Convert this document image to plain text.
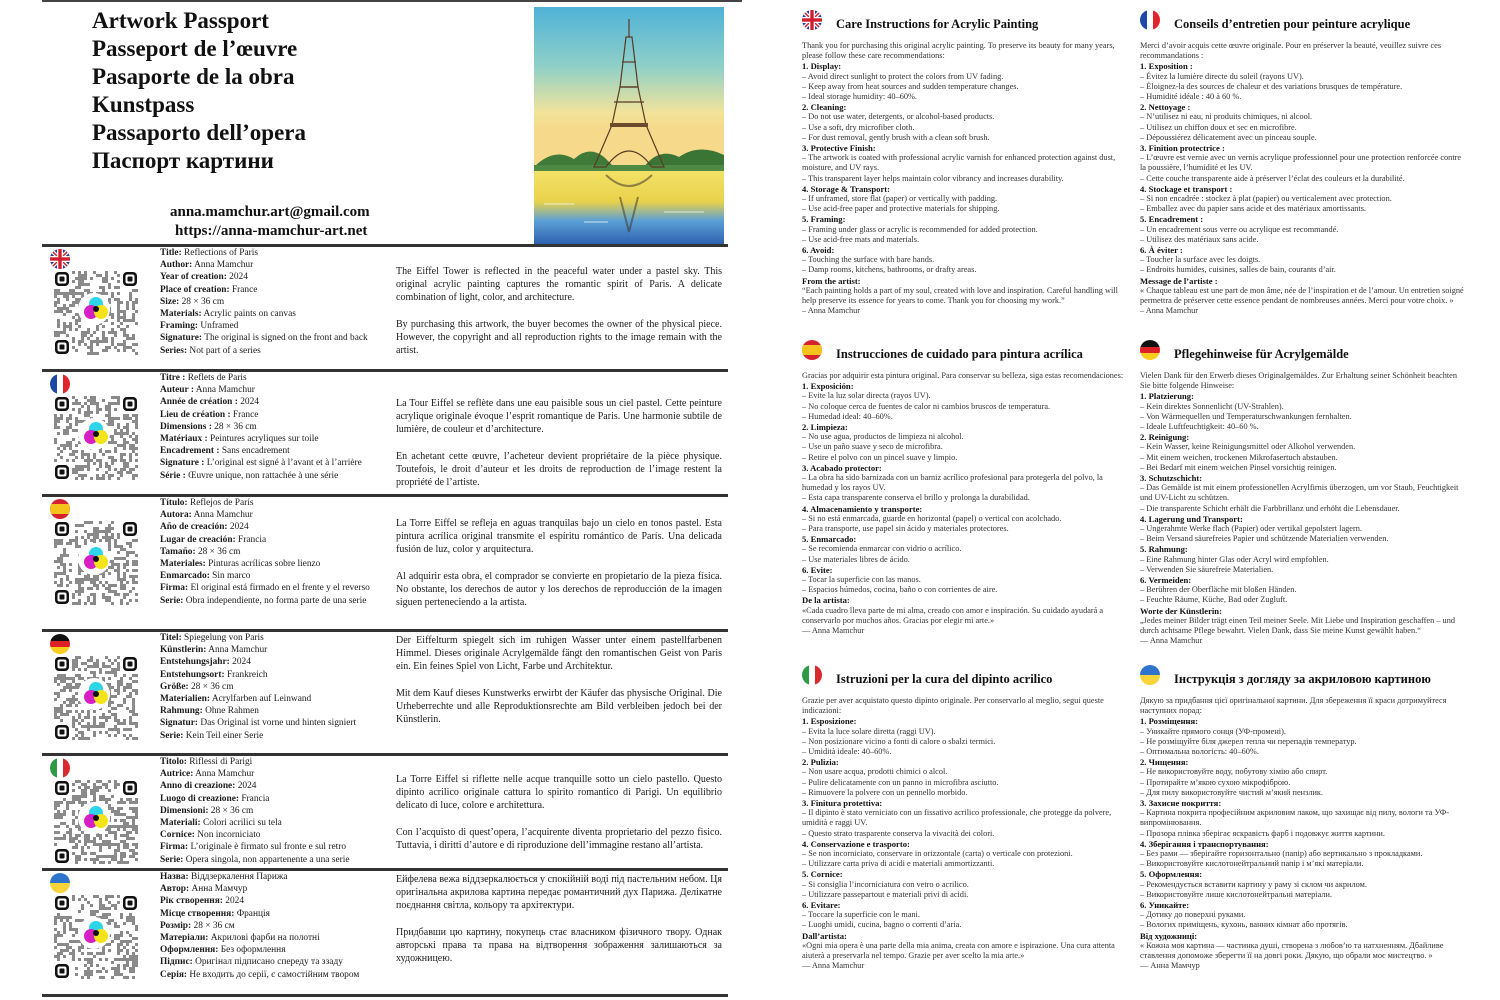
Artwork Passport
Passeport de l’œuvre
Pasaporte de la obra
Kunstpass
Passaporto dell’opera
Паспорт картини
anna.mamchur.art@gmail.com
https://anna-mamchur-art.net
Title: Reflections of Paris
Author: Anna Mamchur
Year of creation: 2024
Place of creation: France
Size: 28 × 36 cm
Materials: Acrylic paints on canvas
Framing: Unframed
Signature: The original is signed on the front and back
Series: Not part of a series

The Eiffel Tower is reflected in the peaceful water under a pastel sky. This original acrylic painting captures the romantic spirit of Paris. A delicate combination of light, color, and architecture.

By purchasing this artwork, the buyer becomes the owner of the physical piece. However, the copyright and all reproduction rights to the image remain with the artist.

Titre : Reflets de Paris
Auteur : Anna Mamchur
Année de création : 2024
Lieu de création : France
Dimensions : 28 × 36 cm
Matériaux : Peintures acryliques sur toile
Encadrement : Sans encadrement
Signature : L’original est signé à l’avant et à l’arrière
Série : Œuvre unique, non rattachée à une série

La Tour Eiffel se reflète dans une eau paisible sous un ciel pastel. Cette peinture acrylique originale évoque l’esprit romantique de Paris. Une harmonie subtile de lumière, de couleur et d’architecture.

En achetant cette œuvre, l’acheteur devient propriétaire de la pièce physique. Toutefois, le droit d’auteur et les droits de reproduction de l’image restent la propriété de l’artiste.

Título: Reflejos de París
Autora: Anna Mamchur
Año de creación: 2024
Lugar de creación: Francia
Tamaño: 28 × 36 cm
Materiales: Pinturas acrílicas sobre lienzo
Enmarcado: Sin marco
Firma: El original está firmado en el frente y el reverso
Serie: Obra independiente, no forma parte de una serie

La Torre Eiffel se refleja en aguas tranquilas bajo un cielo en tonos pastel. Esta pintura acrílica original transmite el espíritu romántico de París. Una delicada fusión de luz, color y arquitectura.

Al adquirir esta obra, el comprador se convierte en propietario de la pieza física. No obstante, los derechos de autor y los derechos de reproducción de la imagen siguen perteneciendo a la artista.

Titel: Spiegelung von Paris
Künstlerin: Anna Mamchur
Entstehungsjahr: 2024
Entstehungsort: Frankreich
Größe: 28 × 36 cm
Materialien: Acrylfarben auf Leinwand
Rahmung: Ohne Rahmen
Signatur: Das Original ist vorne und hinten signiert
Serie: Kein Teil einer Serie

Der Eiffelturm spiegelt sich im ruhigen Wasser unter einem pastellfarbenen Himmel. Dieses originale Acrylgemälde fängt den romantischen Geist von Paris ein. Ein feines Spiel von Licht, Farbe und Architektur.

Mit dem Kauf dieses Kunstwerks erwirbt der Käufer das physische Original. Die Urheberrechte und alle Reproduktionsrechte am Bild verbleiben jedoch bei der Künstlerin.

Titolo: Riflessi di Parigi
Autrice: Anna Mamchur
Anno di creazione: 2024
Luogo di creazione: Francia
Dimensioni: 28 × 36 cm
Materiali: Colori acrilici su tela
Cornice: Non incorniciato
Firma: L’originale è firmato sul fronte e sul retro
Serie: Opera singola, non appartenente a una serie

La Torre Eiffel si riflette nelle acque tranquille sotto un cielo pastello. Questo dipinto acrilico originale cattura lo spirito romantico di Parigi. Un equilibrio delicato di luce, colore e architettura.

Con l’acquisto di quest’opera, l’acquirente diventa proprietario del pezzo fisico. Tuttavia, i diritti d’autore e di riproduzione dell’immagine restano all’artista.

Назва: Віддзеркалення Парижа
Автор: Анна Мамчур
Рік створення: 2024
Місце створення: Франція
Розмір: 28 × 36 см
Матеріали: Акрилові фарби на полотні
Оформлення: Без оформлення
Підпис: Оригінал підписано спереду та ззаду
Серія: Не входить до серії, є самостійним твором

Ейфелева вежа віддзеркалюється у спокійній воді під пастельним небом. Ця оригінальна акрилова картина передає романтичний дух Парижа. Делікатне поєднання світла, кольору та архітектури.

Придбавши цю картину, покупець стає власником фізичного твору. Однак авторські права та права на відтворення зображення залишаються за художницею.

Care Instructions for Acrylic Painting
Thank you for purchasing this original acrylic painting. To preserve its beauty for many years, please follow these care recommendations:
1. Display:
– Avoid direct sunlight to protect the colors from UV fading.
– Keep away from heat sources and sudden temperature changes.
– Ideal storage humidity: 40–60%.
2. Cleaning:
– Do not use water, detergents, or alcohol-based products.
– Use a soft, dry microfiber cloth.
– For dust removal, gently brush with a clean soft brush.
3. Protective Finish:
– The artwork is coated with professional acrylic varnish for enhanced protection against dust, moisture, and UV rays.
– This transparent layer helps maintain color vibrancy and increases durability.
4. Storage & Transport:
– If unframed, store flat (paper) or vertically with padding.
– Use acid-free paper and protective materials for shipping.
5. Framing:
– Framing under glass or acrylic is recommended for added protection.
– Use acid-free mats and materials.
6. Avoid:
– Touching the surface with bare hands.
– Damp rooms, kitchens, bathrooms, or drafty areas.
From the artist:
“Each painting holds a part of my soul, created with love and inspiration. Careful handling will help preserve its essence for years to come. Thank you for choosing my work.”
– Anna Mamchur
Conseils d’entretien pour peinture acrylique
Merci d’avoir acquis cette œuvre originale. Pour en préserver la beauté, veuillez suivre ces recommandations :
1. Exposition :
– Évitez la lumière directe du soleil (rayons UV).
– Éloignez-la des sources de chaleur et des variations brusques de température.
– Humidité idéale : 40 à 60 %.
2. Nettoyage :
– N’utilisez ni eau, ni produits chimiques, ni alcool.
– Utilisez un chiffon doux et sec en microfibre.
– Dépoussiérez délicatement avec un pinceau souple.
3. Finition protectrice :
– L’œuvre est vernie avec un vernis acrylique professionnel pour une protection renforcée contre la poussière, l’humidité et les UV.
– Cette couche transparente aide à préserver l’éclat des couleurs et la durabilité.
4. Stockage et transport :
– Si non encadrée : stockez à plat (papier) ou verticalement avec protection.
– Emballez avec du papier sans acide et des matériaux amortissants.
5. Encadrement :
– Un encadrement sous verre ou acrylique est recommandé.
– Utilisez des matériaux sans acide.
6. À éviter :
– Toucher la surface avec les doigts.
– Endroits humides, cuisines, salles de bain, courants d’air.
Message de l’artiste :
« Chaque tableau est une part de mon âme, née de l’inspiration et de l’amour. Un entretien soigné permettra de préserver cette essence pendant de nombreuses années. Merci pour votre choix. »
– Anna Mamchur
Instrucciones de cuidado para pintura acrílica
Gracias por adquirir esta pintura original. Para conservar su belleza, siga estas recomendaciones:
1. Exposición:
– Evite la luz solar directa (rayos UV).
– No coloque cerca de fuentes de calor ni cambios bruscos de temperatura.
– Humedad ideal: 40–60%.
2. Limpieza:
– No use agua, productos de limpieza ni alcohol.
– Use un paño suave y seco de microfibra.
– Retire el polvo con un pincel suave y limpio.
3. Acabado protector:
– La obra ha sido barnizada con un barniz acrílico profesional para protegerla del polvo, la humedad y los rayos UV.
– Esta capa transparente conserva el brillo y prolonga la durabilidad.
4. Almacenamiento y transporte:
– Si no está enmarcada, guarde en horizontal (papel) o vertical con acolchado.
– Para transporte, use papel sin ácido y materiales protectores.
5. Enmarcado:
– Se recomienda enmarcar con vidrio o acrílico.
– Use materiales libres de ácido.
6. Evite:
– Tocar la superficie con las manos.
– Espacios húmedos, cocina, baño o con corrientes de aire.
De la artista:
«Cada cuadro lleva parte de mi alma, creado con amor e inspiración. Su cuidado ayudará a conservarlo por muchos años. Gracias por elegir mi arte.»
— Anna Mamchur
Pflegehinweise für Acrylgemälde
Vielen Dank für den Erwerb dieses Originalgemäldes. Zur Erhaltung seiner Schönheit beachten Sie bitte folgende Hinweise:
1. Platzierung:
– Kein direktes Sonnenlicht (UV-Strahlen).
– Von Wärmequellen und Temperaturschwankungen fernhalten.
– Ideale Luftfeuchtigkeit: 40–60 %.
2. Reinigung:
– Kein Wasser, keine Reinigungsmittel oder Alkohol verwenden.
– Mit einem weichen, trockenen Mikrofasertuch abstauben.
– Bei Bedarf mit einem weichen Pinsel vorsichtig reinigen.
3. Schutzschicht:
– Das Gemälde ist mit einem professionellen Acrylfirnis überzogen, um vor Staub, Feuchtigkeit und UV-Licht zu schützen.
– Die transparente Schicht erhält die Farbbrillanz und erhöht die Lebensdauer.
4. Lagerung und Transport:
– Ungerahmte Werke flach (Papier) oder vertikal gepolstert lagern.
– Beim Versand säurefreies Papier und schützende Materialien verwenden.
5. Rahmung:
– Eine Rahmung hinter Glas oder Acryl wird empfohlen.
– Verwenden Sie säurefreie Materialien.
6. Vermeiden:
– Berühren der Oberfläche mit bloßen Händen.
– Feuchte Räume, Küche, Bad oder Zugluft.
Worte der Künstlerin:
„Jedes meiner Bilder trägt einen Teil meiner Seele. Mit Liebe und Inspiration geschaffen – und durch achtsame Pflege bewahrt. Vielen Dank, dass Sie meine Kunst gewählt haben.“
— Anna Mamchur
Istruzioni per la cura del dipinto acrilico
Grazie per aver acquistato questo dipinto originale. Per conservarlo al meglio, segui queste indicazioni:
1. Esposizione:
– Evita la luce solare diretta (raggi UV).
– Non posizionare vicino a fonti di calore o sbalzi termici.
– Umidità ideale: 40–60%.
2. Pulizia:
– Non usare acqua, prodotti chimici o alcol.
– Pulire delicatamente con un panno in microfibra asciutto.
– Rimuovere la polvere con un pennello morbido.
3. Finitura protettiva:
– Il dipinto è stato verniciato con un fissativo acrilico professionale, che protegge da polvere, umidità e raggi UV.
– Questo strato trasparente conserva la vivacità dei colori.
4. Conservazione e trasporto:
– Se non incorniciato, conservare in orizzontale (carta) o verticale con protezioni.
– Utilizzare carta priva di acidi e materiali ammortizzanti.
5. Cornice:
– Si consiglia l’incorniciatura con vetro o acrilico.
– Utilizzare passepartout e materiali privi di acidi.
6. Evitare:
– Toccare la superficie con le mani.
– Luoghi umidi, cucina, bagno o correnti d’aria.
Dall’artista:
«Ogni mia opera è una parte della mia anima, creata con amore e ispirazione. Una cura attenta aiuterà a preservarla nel tempo. Grazie per aver scelto la mia arte.»
— Anna Mamchur
Інструкція з догляду за акриловою картиною
Дякую за придбання цієї оригінальної картини. Для збереження її краси дотримуйтеся наступних порад:
1. Розміщення:
– Уникайте прямого сонця (УФ-промені).
– Не розміщуйте біля джерел тепла чи перепадів температур.
– Оптимальна вологість: 40–60%.
2. Чищення:
– Не використовуйте воду, побутову хімію або спирт.
– Протирайте м’якою сухою мікрофіброю.
– Для пилу використовуйте чистий м’який пензлик.
3. Захисне покриття:
– Картина покрита професійним акриловим лаком, що захищає від пилу, вологи та УФ-випромінювання.
– Прозора плівка зберігає яскравість фарб і подовжує життя картини.
4. Зберігання і транспортування:
– Без рами — зберігайте горизонтально (папір) або вертикально з прокладками.
– Використовуйте кислотонейтральний папір і м’які матеріали.
5. Оформлення:
– Рекомендується вставити картину у раму зі склом чи акрилом.
– Використовуйте лише кислотонейтральні матеріали.
6. Уникайте:
– Дотику до поверхні руками.
– Вологих приміщень, кухонь, ванних кімнат або протягів.
Від художниці:
« Кожна моя картина — частинка душі, створена з любов’ю та натхненням. Дбайливе ставлення допоможе зберегти її на довгі роки. Дякую, що обрали моє мистецтво. »
— Анна Мамчур
